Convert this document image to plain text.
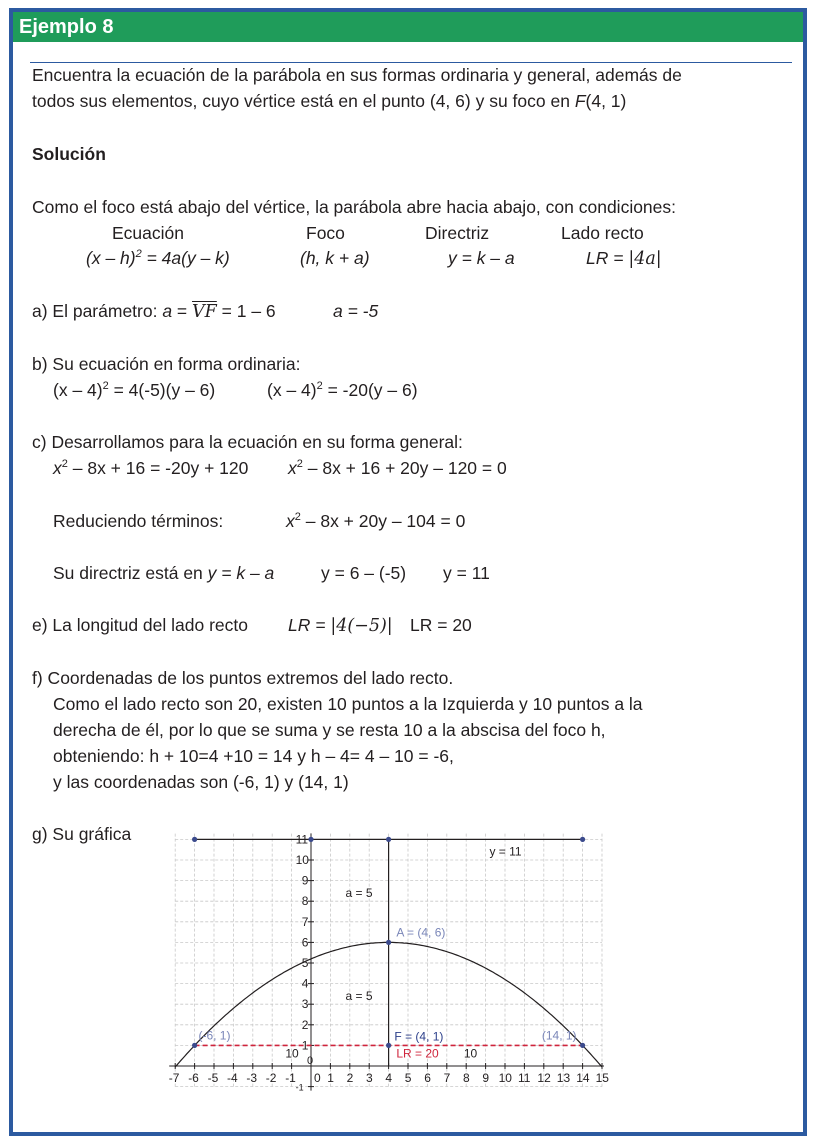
Ejemplo 8
Encuentra la ecuación de la parábola en sus formas ordinaria y general, además de
todos sus elementos, cuyo vértice está en el punto (4, 6) y su foco en F(4, 1)
Solución
Como el foco está abajo del vértice, la parábola abre hacia abajo, con condiciones:
Ecuación	Foco	Directriz	Lado recto
(x – h)$^2$ = 4a(y – k)	(h, k + a)	y = k – a	LR = |4a|
a) El parámetro: $a = \overline{VF} = 1 - 6$	a = -5
b) Su ecuación en forma ordinaria:
(x – 4)$^2$ = 4(-5)(y – 6)	(x – 4)$^2$ = -20(y – 6)
c) Desarrollamos para la ecuación en su forma general:
$x^2 - 8x + 16 = -20y + 120$ $x^2 - 8x + 16 + 20y - 120 = 0$
Reduciendo términos:	$x^2 - 8x + 20y - 104 = 0$
Su directriz está en y = k – a	y = 6 – (-5) y = 11
e) La longitud del lado recto LR = |4(−5)| LR = 20
f) Coordenadas de los puntos extremos del lado recto.
Como el lado recto son 20, existen 10 puntos a la Izquierda y 10 puntos a la
derecha de él, por lo que se suma y se resta 10 a la abscisa del foco h,
obteniendo: h + 10=4 +10 = 14 y h – 4= 4 – 10 = -6,
y las coordenadas son (-6, 1) y (14, 1)
g) Su gráfica
-7 -6 -5 -4 -3 -2 -1 0 1 2 3 4 5 6 7 8 9 10 11 12 13 14 15
-1
1
2
3
4
5
6
7
8
9
10
11
0
y = 11
LR = 20
A = (4, 6)
F = (4, 1)
(-6, 1)	(14, 1)
a = 5
a = 5
10	10
